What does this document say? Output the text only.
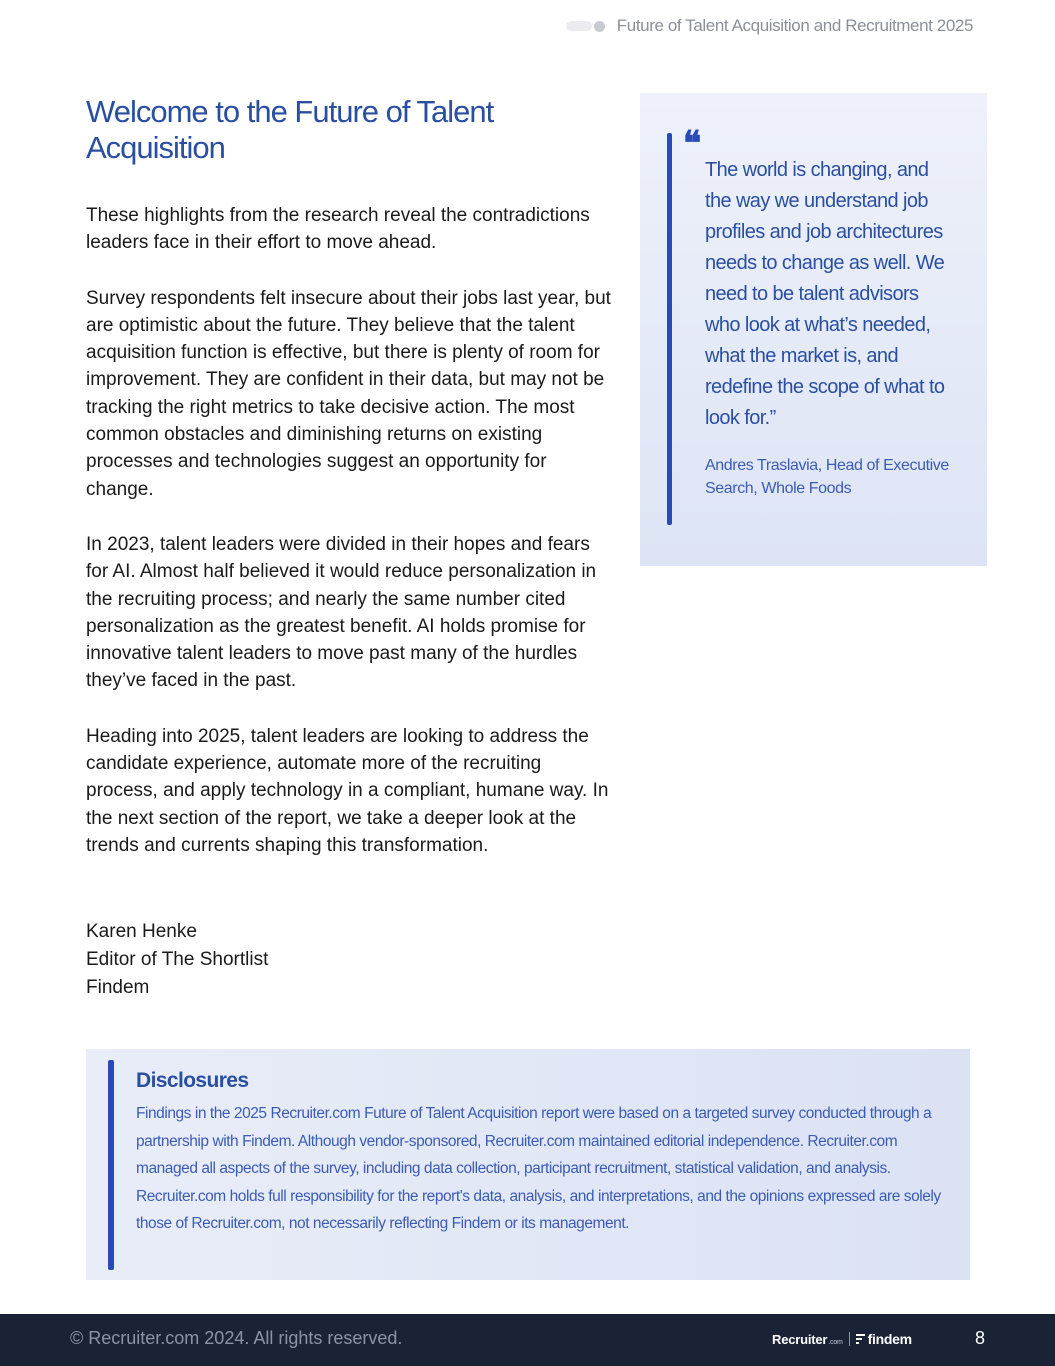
Future of Talent Acquisition and Recruitment 2025
Welcome to the Future of Talent Acquisition

These highlights from the research reveal the contradictions leaders face in their effort to move ahead.

Survey respondents felt insecure about their jobs last year, but are optimistic about the future. They believe that the talent acquisition function is effective, but there is plenty of room for improvement. They are confident in their data, but may not be tracking the right metrics to take decisive action. The most common obstacles and diminishing returns on existing processes and technologies suggest an opportunity for change.

In 2023, talent leaders were divided in their hopes and fears for AI. Almost half believed it would reduce personalization in the recruiting process; and nearly the same number cited personalization as the greatest benefit. AI holds promise for innovative talent leaders to move past many of the hurdles they’ve faced in the past.

Heading into 2025, talent leaders are looking to address the candidate experience, automate more of the recruiting process, and apply technology in a compliant, humane way. In the next section of the report, we take a deeper look at the trends and currents shaping this transformation.

Karen Henke
Editor of The Shortlist
Findem
❝
The world is changing, and the way we understand job profiles and job architectures needs to change as well. We need to be talent advisors who look at what’s needed, what the market is, and redefine the scope of what to look for.”
Andres Traslavia, Head of Executive Search, Whole Foods
Disclosures
Findings in the 2025 Recruiter.com Future of Talent Acquisition report were based on a targeted survey conducted through a partnership with Findem. Although vendor-sponsored, Recruiter.com maintained editorial independence. Recruiter.com managed all aspects of the survey, including data collection, participant recruitment, statistical validation, and analysis. Recruiter.com holds full responsibility for the report's data, analysis, and interpretations, and the opinions expressed are solely those of Recruiter.com, not necessarily reflecting Findem or its management.
© Recruiter.com 2024. All rights reserved.	Recruiter.com findem	8
